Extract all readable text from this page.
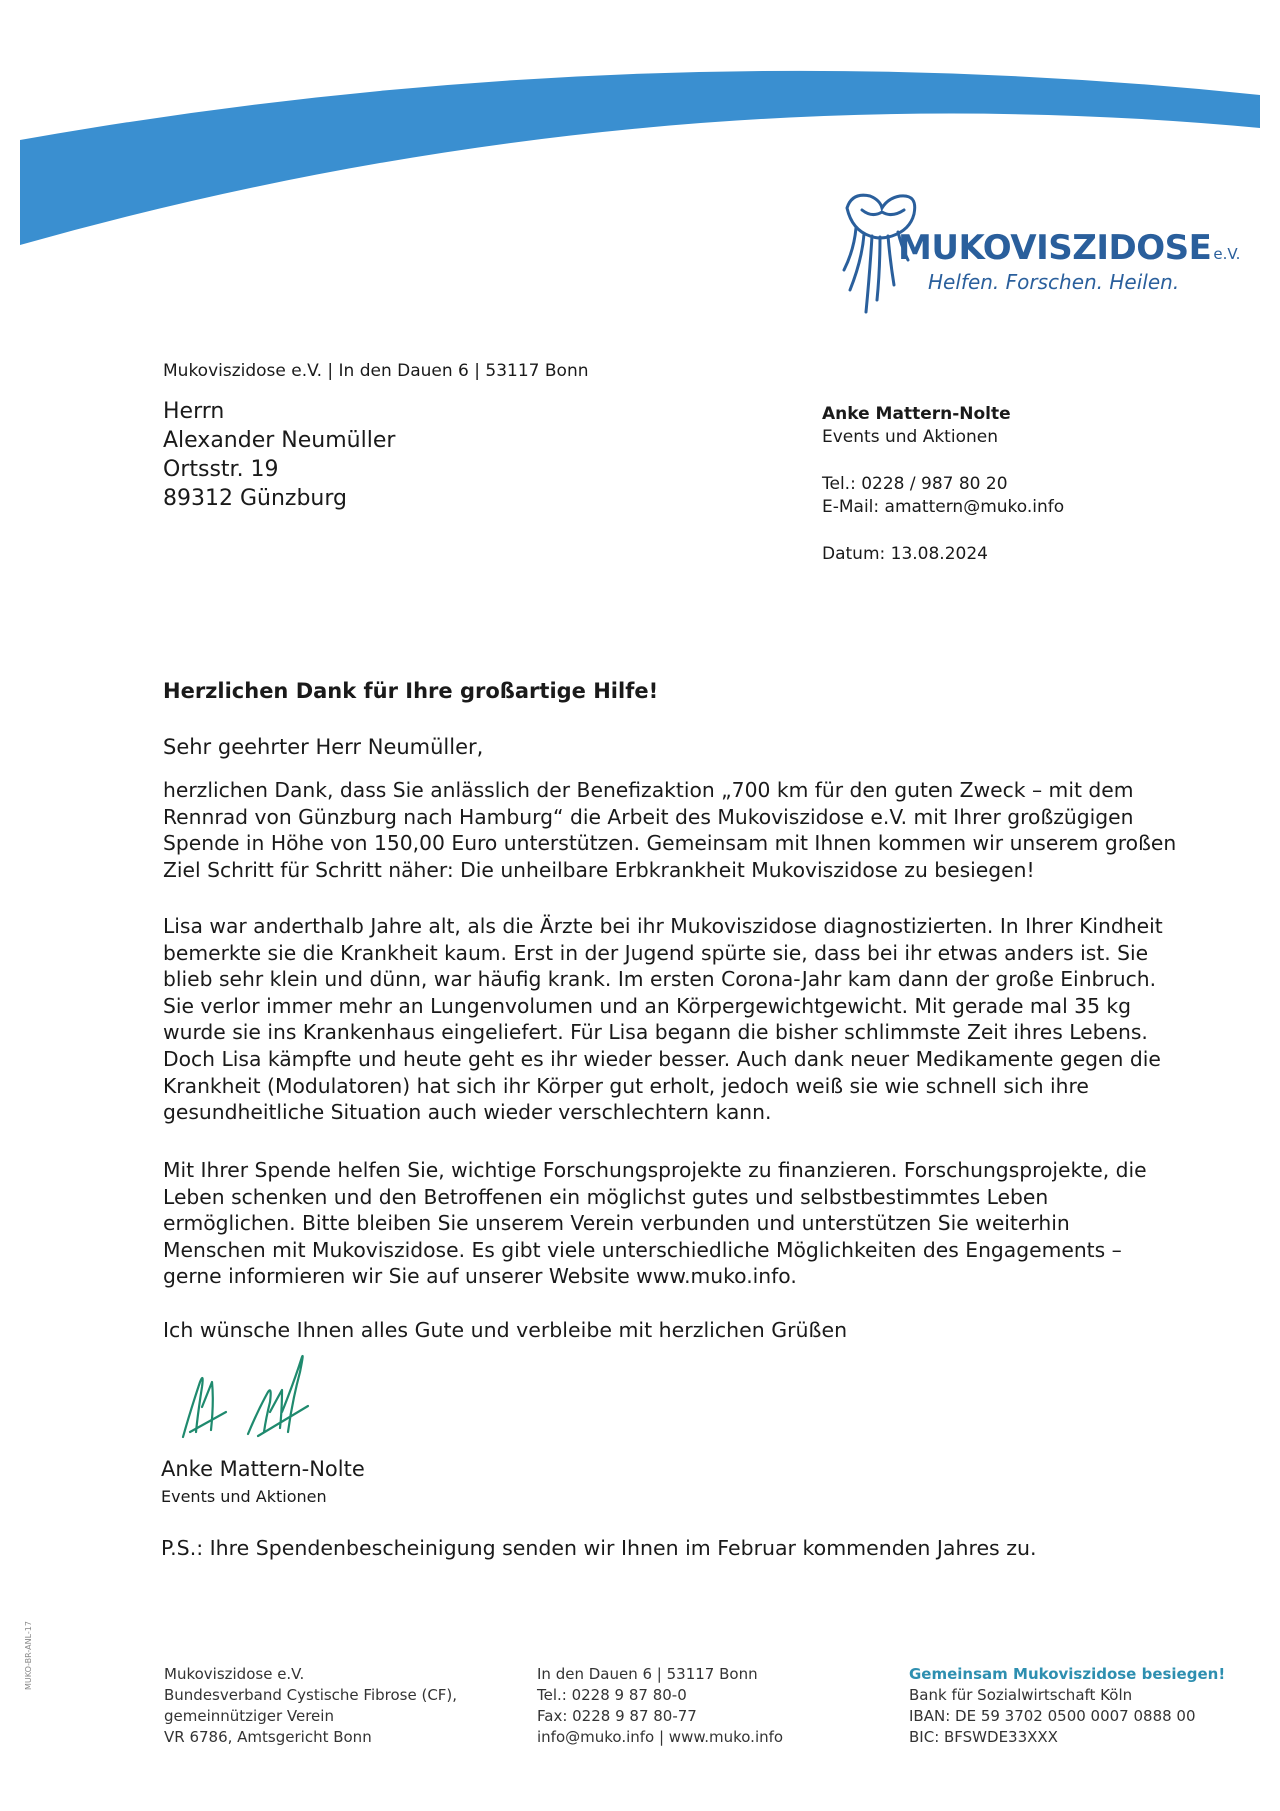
MUKOVISZIDOSE e.V.
Helfen. Forschen. Heilen.
Mukoviszidose e.V. | In den Dauen 6 | 53117 Bonn
Herrn
Alexander Neumüller
Ortsstr. 19
89312 Günzburg
Anke Mattern-Nolte
Events und Aktionen
Tel.: 0228 / 987 80 20
E-Mail: amattern@muko.info
Datum: 13.08.2024
Herzlichen Dank für Ihre großartige Hilfe!
Sehr geehrter Herr Neumüller,
herzlichen Dank, dass Sie anlässlich der Benefizaktion „700 km für den guten Zweck – mit dem
Rennrad von Günzburg nach Hamburg“ die Arbeit des Mukoviszidose e.V. mit Ihrer großzügigen
Spende in Höhe von 150,00 Euro unterstützen. Gemeinsam mit Ihnen kommen wir unserem großen
Ziel Schritt für Schritt näher: Die unheilbare Erbkrankheit Mukoviszidose zu besiegen!
Lisa war anderthalb Jahre alt, als die Ärzte bei ihr Mukoviszidose diagnostizierten. In Ihrer Kindheit
bemerkte sie die Krankheit kaum. Erst in der Jugend spürte sie, dass bei ihr etwas anders ist. Sie
blieb sehr klein und dünn, war häufig krank. Im ersten Corona-Jahr kam dann der große Einbruch.
Sie verlor immer mehr an Lungenvolumen und an Körpergewichtgewicht. Mit gerade mal 35 kg
wurde sie ins Krankenhaus eingeliefert. Für Lisa begann die bisher schlimmste Zeit ihres Lebens.
Doch Lisa kämpfte und heute geht es ihr wieder besser. Auch dank neuer Medikamente gegen die
Krankheit (Modulatoren) hat sich ihr Körper gut erholt, jedoch weiß sie wie schnell sich ihre
gesundheitliche Situation auch wieder verschlechtern kann.
Mit Ihrer Spende helfen Sie, wichtige Forschungsprojekte zu finanzieren. Forschungsprojekte, die
Leben schenken und den Betroffenen ein möglichst gutes und selbstbestimmtes Leben
ermöglichen. Bitte bleiben Sie unserem Verein verbunden und unterstützen Sie weiterhin
Menschen mit Mukoviszidose. Es gibt viele unterschiedliche Möglichkeiten des Engagements –
gerne informieren wir Sie auf unserer Website www.muko.info.
Ich wünsche Ihnen alles Gute und verbleibe mit herzlichen Grüßen
Anke Mattern-Nolte
Events und Aktionen
P.S.: Ihre Spendenbescheinigung senden wir Ihnen im Februar kommenden Jahres zu.
Mukoviszidose e.V.
Bundesverband Cystische Fibrose (CF),
gemeinnütziger Verein
VR 6786, Amtsgericht Bonn
In den Dauen 6 | 53117 Bonn
Tel.: 0228 9 87 80-0
Fax: 0228 9 87 80-77
info@muko.info | www.muko.info
Gemeinsam Mukoviszidose besiegen!
Bank für Sozialwirtschaft Köln
IBAN: DE 59 3702 0500 0007 0888 00
BIC: BFSWDE33XXX
MUKO-BR-ANL-17
